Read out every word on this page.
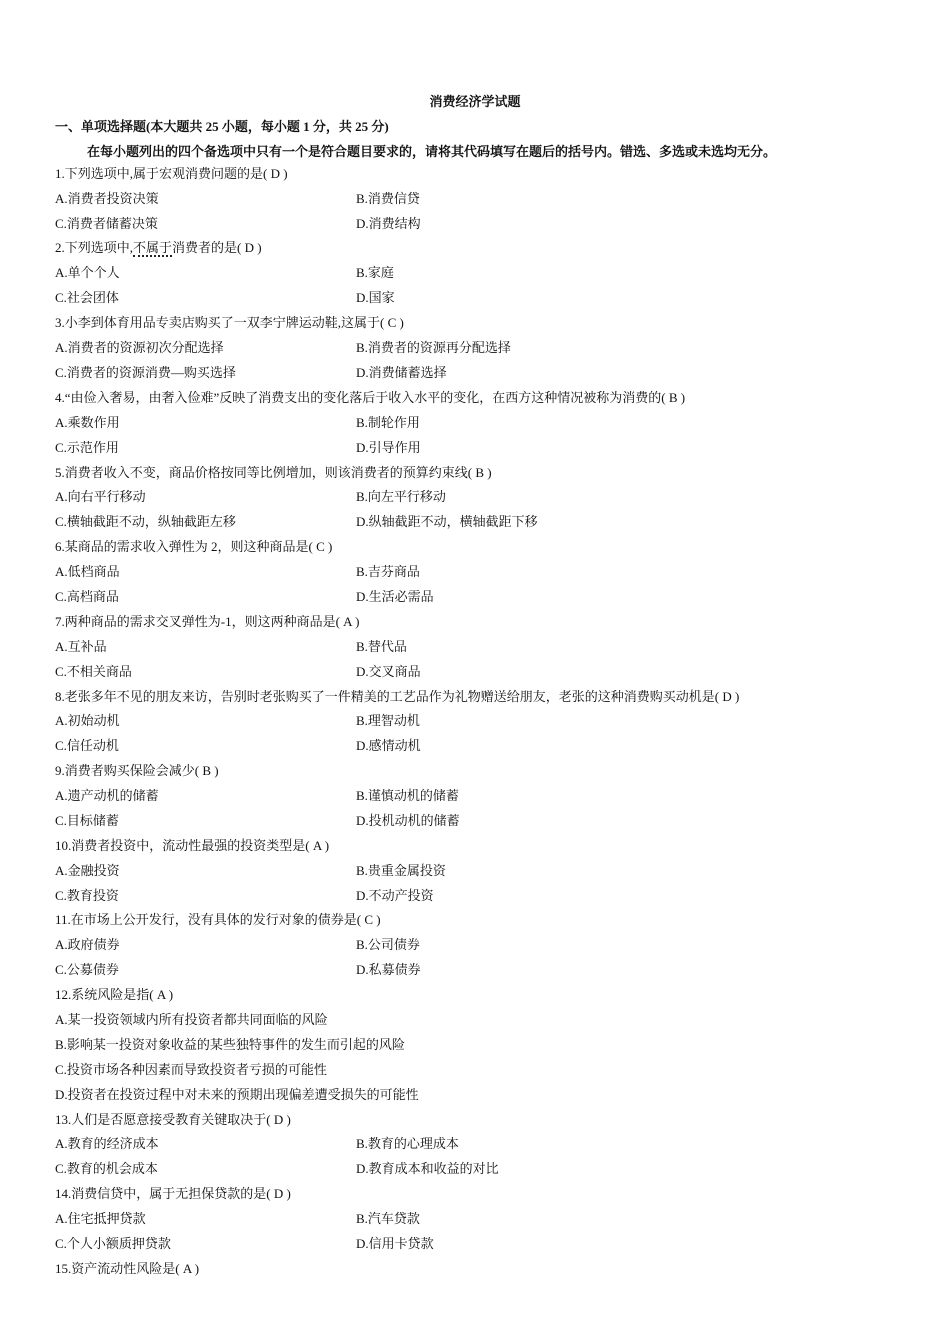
消费经济学试题
一、单项选择题(本大题共 25 小题，每小题 1 分，共 25 分)
在每小题列出的四个备选项中只有一个是符合题目要求的，请将其代码填写在题后的括号内。错选、多选或未选均无分。
1.下列选项中,属于宏观消费问题的是( D )
A.消费者投资决策	B.消费信贷
C.消费者储蓄决策	D.消费结构
2.下列选项中,不属于消费者的是( D )
A.单个个人	B.家庭
C.社会团体	D.国家
3.小李到体育用品专卖店购买了一双李宁牌运动鞋,这属于( C )
A.消费者的资源初次分配选择	B.消费者的资源再分配选择
C.消费者的资源消费—购买选择	D.消费储蓄选择
4.“由俭入奢易，由奢入俭难”反映了消费支出的变化落后于收入水平的变化，在西方这种情况被称为消费的( B )
A.乘数作用	B.制轮作用
C.示范作用	D.引导作用
5.消费者收入不变，商品价格按同等比例增加，则该消费者的预算约束线( B )
A.向右平行移动	B.向左平行移动
C.横轴截距不动，纵轴截距左移	D.纵轴截距不动，横轴截距下移
6.某商品的需求收入弹性为 2，则这种商品是( C )
A.低档商品	B.吉芬商品
C.高档商品	D.生活必需品
7.两种商品的需求交叉弹性为-1，则这两种商品是( A )
A.互补品	B.替代品
C.不相关商品	D.交叉商品
8.老张多年不见的朋友来访，告别时老张购买了一件精美的工艺品作为礼物赠送给朋友，老张的这种消费购买动机是( D )
A.初始动机	B.理智动机
C.信任动机	D.感情动机
9.消费者购买保险会减少( B )
A.遗产动机的储蓄	B.谨慎动机的储蓄
C.目标储蓄	D.投机动机的储蓄
10.消费者投资中，流动性最强的投资类型是( A )
A.金融投资	B.贵重金属投资
C.教育投资	D.不动产投资
11.在市场上公开发行，没有具体的发行对象的债券是( C )
A.政府债券	B.公司债券
C.公募债券	D.私募债券
12.系统风险是指( A )
A.某一投资领域内所有投资者都共同面临的风险
B.影响某一投资对象收益的某些独特事件的发生而引起的风险
C.投资市场各种因素而导致投资者亏损的可能性
D.投资者在投资过程中对未来的预期出现偏差遭受损失的可能性
13.人们是否愿意接受教育关键取决于( D )
A.教育的经济成本	B.教育的心理成本
C.教育的机会成本	D.教育成本和收益的对比
14.消费信贷中，属于无担保贷款的是( D )
A.住宅抵押贷款	B.汽车贷款
C.个人小额质押贷款	D.信用卡贷款
15.资产流动性风险是( A )
